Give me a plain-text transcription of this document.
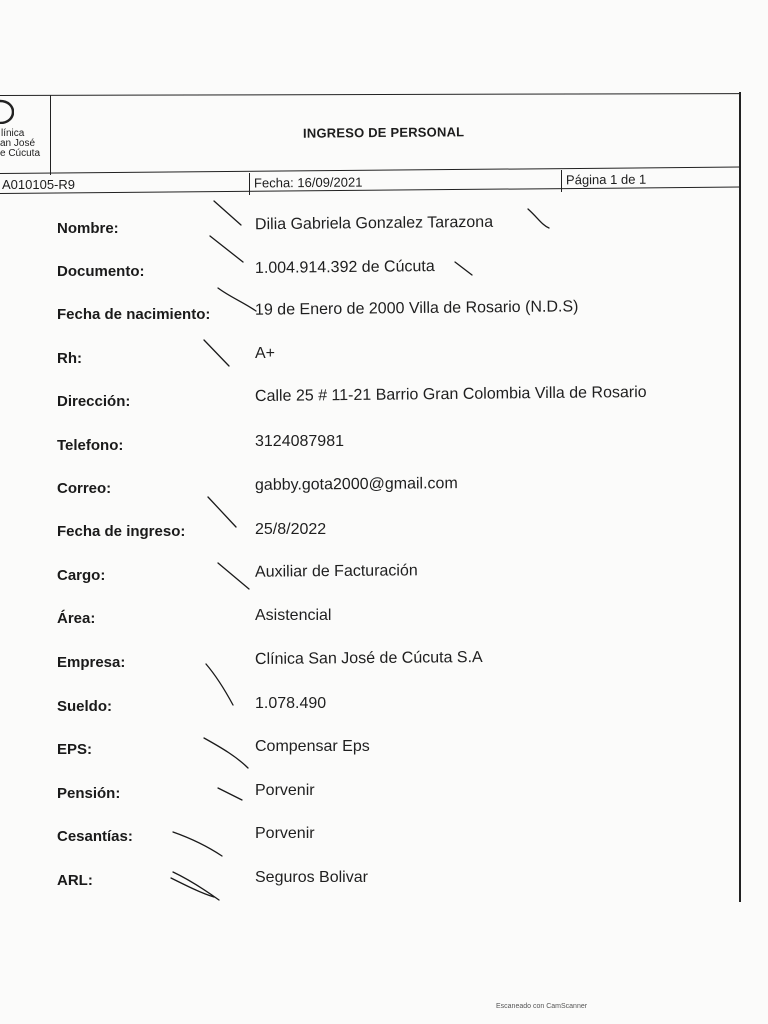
línica
an José
e Cúcuta
INGRESO DE PERSONAL
A010105-R9	Fecha: 16/09/2021	Página 1 de 1
Nombre:	Dilia Gabriela Gonzalez Tarazona
Documento:	1.004.914.392 de Cúcuta
Fecha de nacimiento:	19 de Enero de 2000 Villa de Rosario (N.D.S)
Rh:	A+
Dirección:	Calle 25 # 11-21 Barrio Gran Colombia Villa de Rosario
Telefono:	3124087981
Correo:	gabby.gota2000@gmail.com
Fecha de ingreso:	25/8/2022
Cargo:	Auxiliar de Facturación
Área:	Asistencial
Empresa:	Clínica San José de Cúcuta S.A
Sueldo:	1.078.490
EPS:	Compensar Eps
Pensión:	Porvenir
Cesantías:	Porvenir
ARL:	Seguros Bolivar
Escaneado con CamScanner
